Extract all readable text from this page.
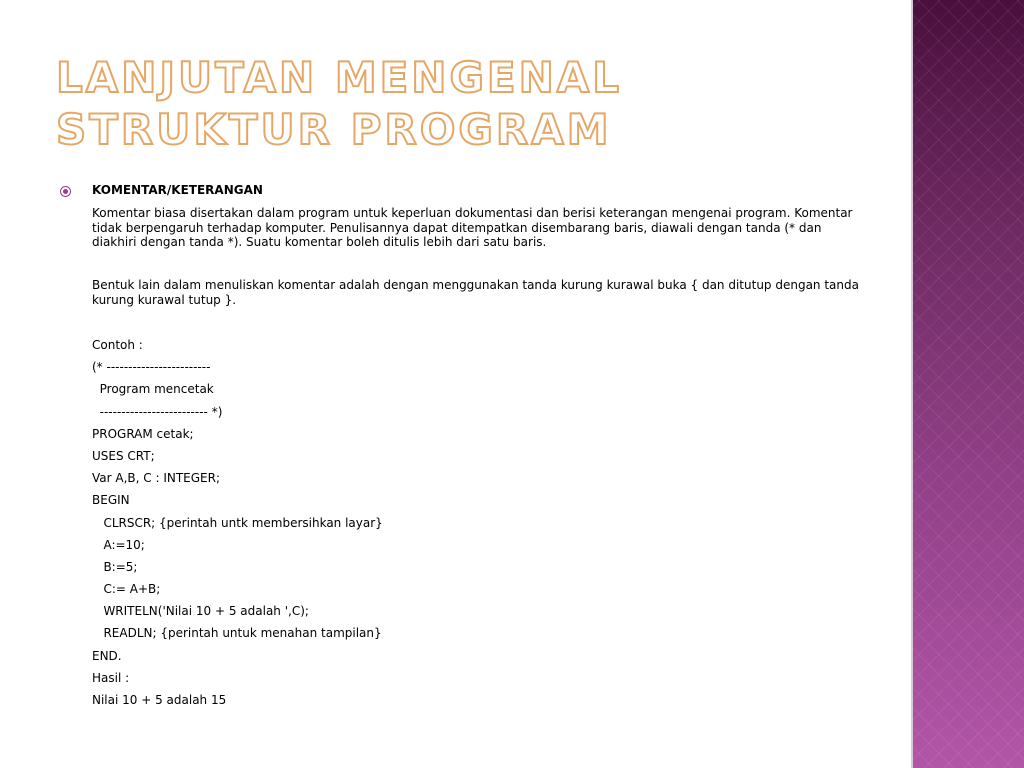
LANJUTAN MENGENAL STRUKTUR PROGRAM
KOMENTAR/KETERANGAN
Komentar biasa disertakan dalam program untuk keperluan dokumentasi dan berisi keterangan mengenai program. Komentar tidak berpengaruh terhadap komputer. Penulisannya dapat ditempatkan disembarang baris, diawali dengan tanda (* dan diakhiri dengan tanda *). Suatu komentar boleh ditulis lebih dari satu baris.
Bentuk lain dalam menuliskan komentar adalah dengan menggunakan tanda kurung kurawal buka { dan ditutup dengan tanda kurung kurawal tutup }.
Contoh :
(* ------------------------
Program mencetak
------------------------- *)
PROGRAM cetak;
USES CRT;
Var A,B, C : INTEGER;
BEGIN
CLRSCR; {perintah untk membersihkan layar}
A:=10;
B:=5;
C:= A+B;
WRITELN('Nilai 10 + 5 adalah ',C);
READLN; {perintah untuk menahan tampilan}
END.
Hasil :
Nilai 10 + 5 adalah 15
